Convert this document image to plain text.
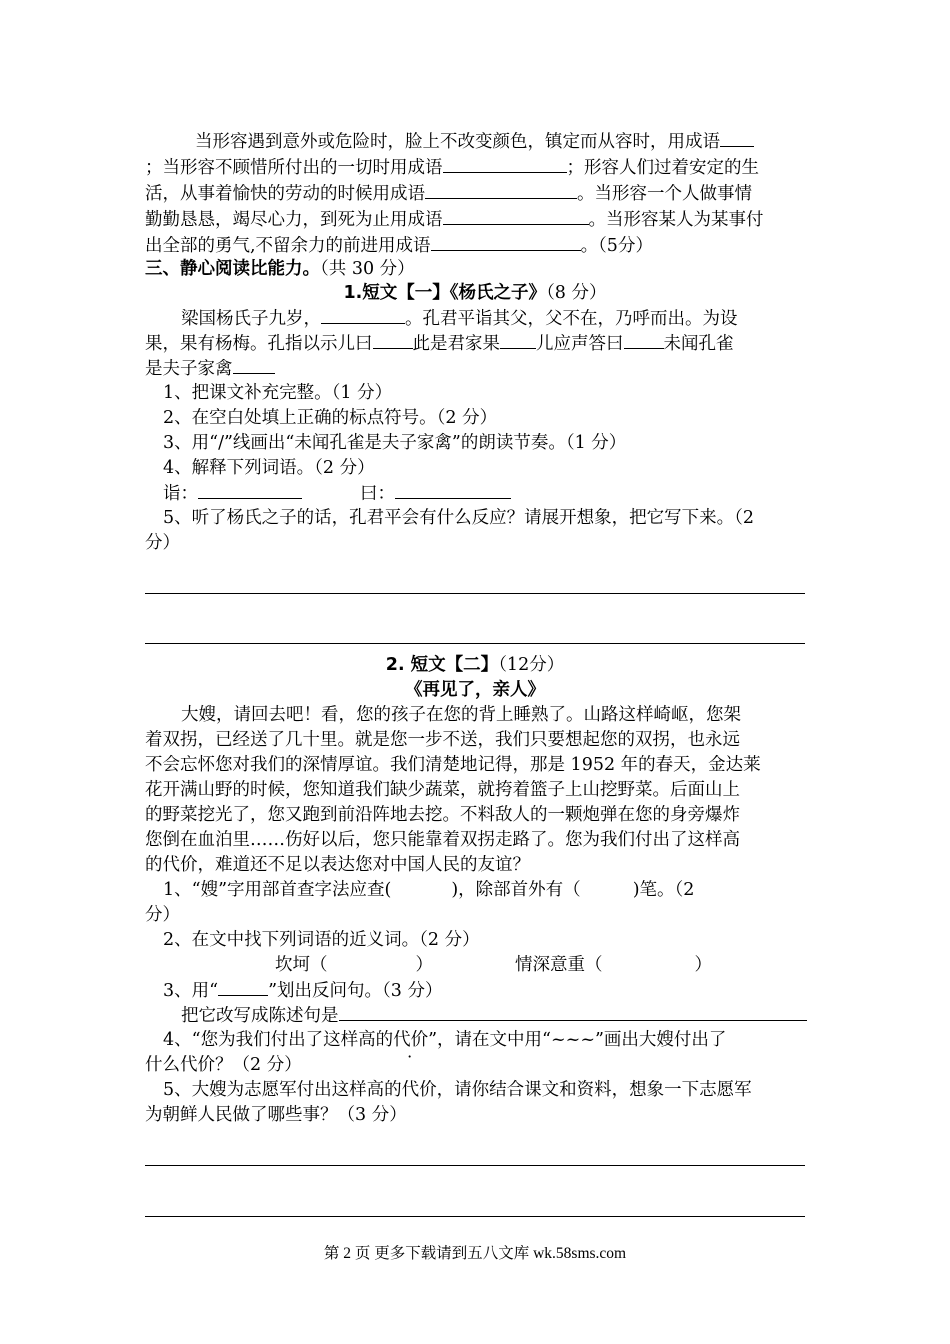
当形容遇到意外或危险时，脸上不改变颜色，镇定而从容时，用成语
；当形容不顾惜所付出的一切时用成语	；形容人们过着安定的生
活，从事着愉快的劳动的时候用成语	。当形容一个人做事情
勤勤恳恳，竭尽心力，到死为止用成语	。当形容某人为某事付
出全部的勇气,不留余力的前进用成语	。（5分）
三、静心阅读比能力。（共 30 分）
1.短文【一】《杨氏之子》（8 分）
梁国杨氏子九岁，	。孔君平诣其父，父不在，乃呼而出。为设
果，果有杨梅。孔指以示儿曰 此是君家果 儿应声答曰 未闻孔雀
是夫子家禽
1、把课文补充完整。（1 分）
2、在空白处填上正确的标点符号。（2 分）
3、用“/”线画出“未闻孔雀是夫子家禽”的朗读节奏。（1 分）
4、解释下列词语。（2 分）
诣：	曰：
5、听了杨氏之子的话，孔君平会有什么反应？请展开想象，把它写下来。（2
分）
2. 短文【二】（12分）
《再见了，亲人》
大嫂，请回去吧！看，您的孩子在您的背上睡熟了。山路这样崎岖，您架
着双拐，已经送了几十里。就是您一步不送，我们只要想起您的双拐，也永远
不会忘怀您对我们的深情厚谊。我们清楚地记得，那是 1952 年的春天，金达莱
花开满山野的时候，您知道我们缺少蔬菜，就挎着篮子上山挖野菜。后面山上
的野菜挖光了，您又跑到前沿阵地去挖。不料敌人的一颗炮弹在您的身旁爆炸
您倒在血泊里……伤好以后，您只能靠着双拐走路了。您为我们付出了这样高
的代价，难道还不足以表达您对中国人民的友谊？
1、“嫂”字用部首查字法应查(	)，除部首外有（	)笔。（2
分）
2、在文中找下列词语的近义词。（2 分）
坎坷（	）	情深意重（	）
3、用“	”划出反问句。（3 分）
把它改写成陈述句是
4、“您为我们付出了这样高的代价”，请在文中用“~~~”画出大嫂付出了
什么代价？（2 分）
5、大嫂为志愿军付出这样高的代价，请你结合课文和资料，想象一下志愿军
为朝鲜人民做了哪些事？（3 分）
第 2 页 更多下载请到五八文库 wk.58sms.com
